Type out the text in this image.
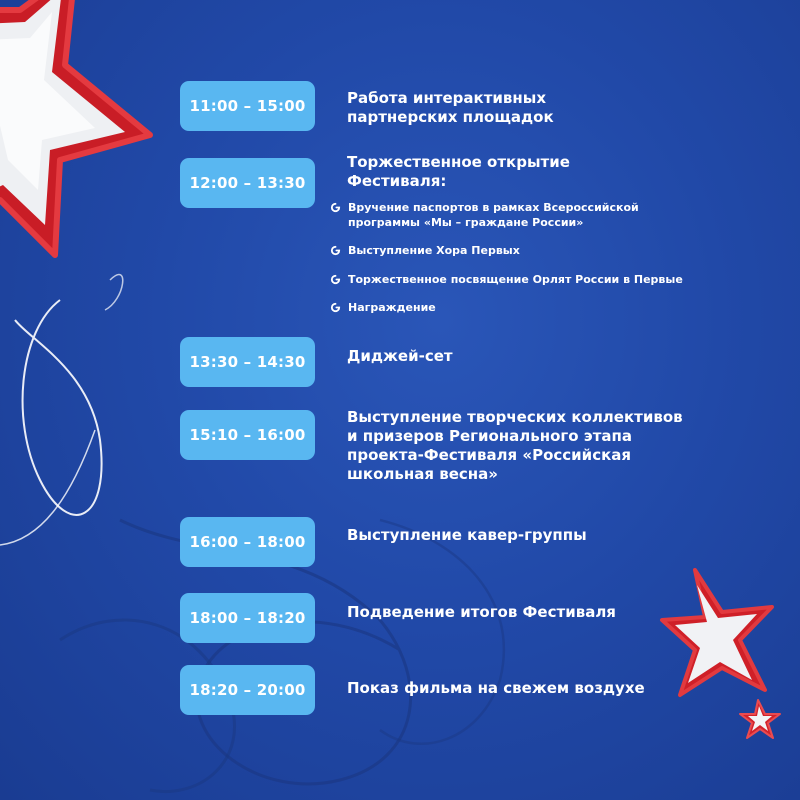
11:00 – 15:00
12:00 – 13:30
13:30 – 14:30
15:10 – 16:00
16:00 – 18:00
18:00 – 18:20
18:20 – 20:00

Работа интерактивных
партнерских площадок

Торжественное открытие
Фестиваля:

Диджей-сет

Выступление творческих коллективов
и призеров Регионального этапа
проекта-Фестиваля «Российская
школьная весна»

Выступление кавер-группы

Подведение итогов Фестиваля

Показ фильма на свежем воздухе

Вручение паспортов в рамках Всероссийской
программы «Мы – граждане России»
Выступление Хора Первых
Торжественное посвящение Орлят России в Первые
Награждение
